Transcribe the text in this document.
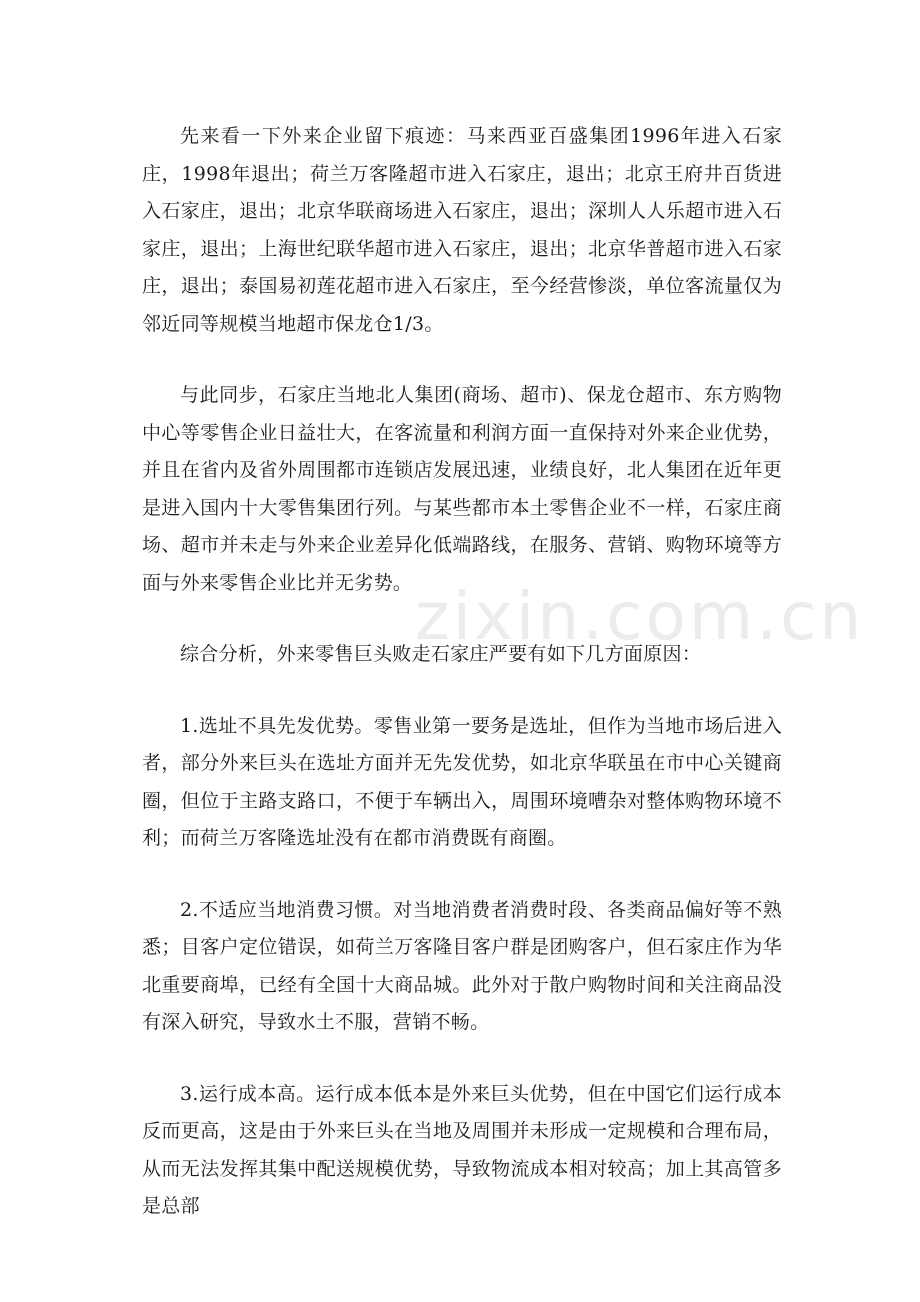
zixin.com.cn

先来看一下外来企业留下痕迹：马来西亚百盛集团1996年进入石家庄，1998年退出；荷兰万客隆超市进入石家庄，退出；北京王府井百货进入石家庄，退出；北京华联商场进入石家庄，退出；深圳人人乐超市进入石家庄，退出；上海世纪联华超市进入石家庄，退出；北京华普超市进入石家庄，退出；泰国易初莲花超市进入石家庄，至今经营惨淡，单位客流量仅为邻近同等规模当地超市保龙仓1/3。

与此同步，石家庄当地北人集团(商场、超市)、保龙仓超市、东方购物中心等零售企业日益壮大，在客流量和利润方面一直保持对外来企业优势，并且在省内及省外周围都市连锁店发展迅速，业绩良好，北人集团在近年更是进入国内十大零售集团行列。与某些都市本土零售企业不一样，石家庄商场、超市并未走与外来企业差异化低端路线，在服务、营销、购物环境等方面与外来零售企业比并无劣势。

综合分析，外来零售巨头败走石家庄严要有如下几方面原因：

1.选址不具先发优势。零售业第一要务是选址，但作为当地市场后进入者，部分外来巨头在选址方面并无先发优势，如北京华联虽在市中心关键商圈，但位于主路支路口，不便于车辆出入，周围环境嘈杂对整体购物环境不利；而荷兰万客隆选址没有在都市消费既有商圈。

2.不适应当地消费习惯。对当地消费者消费时段、各类商品偏好等不熟悉；目客户定位错误，如荷兰万客隆目客户群是团购客户，但石家庄作为华北重要商埠，已经有全国十大商品城。此外对于散户购物时间和关注商品没有深入研究，导致水土不服，营销不畅。

3.运行成本高。运行成本低本是外来巨头优势，但在中国它们运行成本反而更高，这是由于外来巨头在当地及周围并未形成一定规模和合理布局，从而无法发挥其集中配送规模优势，导致物流成本相对较高；加上其高管多是总部
